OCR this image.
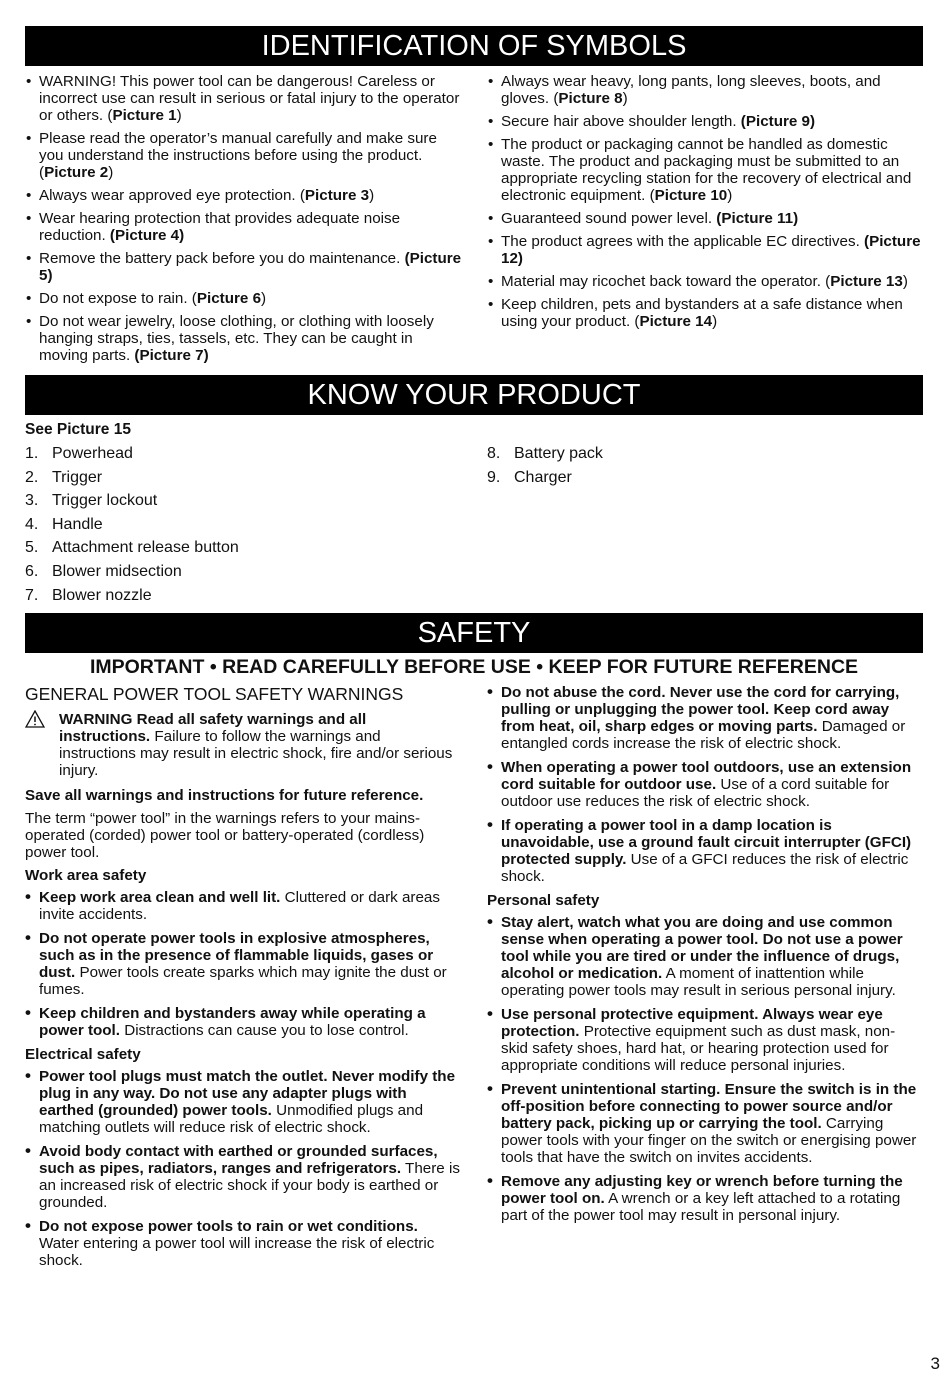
IDENTIFICATION OF SYMBOLS
• WARNING! This power tool can be dangerous! Careless or incorrect use can result in serious or fatal injury to the operator or others. (Picture 1)
• Please read the operator’s manual carefully and make sure you understand the instructions before using the product. (Picture 2)
• Always wear approved eye protection. (Picture 3)
• Wear hearing protection that provides adequate noise reduction. (Picture 4)
• Remove the battery pack before you do maintenance. (Picture 5)
• Do not expose to rain. (Picture 6)
• Do not wear jewelry, loose clothing, or clothing with loosely hanging straps, ties, tassels, etc. They can be caught in moving parts. (Picture 7)
• Always wear heavy, long pants, long sleeves, boots, and gloves. (Picture 8)
• Secure hair above shoulder length. (Picture 9)
• The product or packaging cannot be handled as domestic waste. The product and packaging must be submitted to an appropriate recycling station for the recovery of electrical and electronic equipment. (Picture 10)
• Guaranteed sound power level. (Picture 11)
• The product agrees with the applicable EC directives. (Picture 12)
• Material may ricochet back toward the operator. (Picture 13)
• Keep children, pets and bystanders at a safe distance when using your product. (Picture 14)
KNOW YOUR PRODUCT
See Picture 15
1. Powerhead
2. Trigger
3. Trigger lockout
4. Handle
5. Attachment release button
6. Blower midsection
7. Blower nozzle
8. Battery pack
9. Charger
SAFETY
IMPORTANT • READ CAREFULLY BEFORE USE • KEEP FOR FUTURE REFERENCE
GENERAL POWER TOOL SAFETY WARNINGS
WARNING Read all safety warnings and all instructions. Failure to follow the warnings and instructions may result in electric shock, fire and/or serious injury.
Save all warnings and instructions for future reference.
The term “power tool” in the warnings refers to your mains-operated (corded) power tool or battery-operated (cordless) power tool.
Work area safety
• Keep work area clean and well lit. Cluttered or dark areas invite accidents.
• Do not operate power tools in explosive atmospheres, such as in the presence of flammable liquids, gases or dust. Power tools create sparks which may ignite the dust or fumes.
• Keep children and bystanders away while operating a power tool. Distractions can cause you to lose control.
Electrical safety
• Power tool plugs must match the outlet. Never modify the plug in any way. Do not use any adapter plugs with earthed (grounded) power tools. Unmodified plugs and matching outlets will reduce risk of electric shock.
• Avoid body contact with earthed or grounded surfaces, such as pipes, radiators, ranges and refrigerators. There is an increased risk of electric shock if your body is earthed or grounded.
• Do not expose power tools to rain or wet conditions. Water entering a power tool will increase the risk of electric shock.
• Do not abuse the cord. Never use the cord for carrying, pulling or unplugging the power tool. Keep cord away from heat, oil, sharp edges or moving parts. Damaged or entangled cords increase the risk of electric shock.
• When operating a power tool outdoors, use an extension cord suitable for outdoor use. Use of a cord suitable for outdoor use reduces the risk of electric shock.
• If operating a power tool in a damp location is unavoidable, use a ground fault circuit interrupter (GFCI) protected supply. Use of a GFCI reduces the risk of electric shock.
Personal safety
• Stay alert, watch what you are doing and use common sense when operating a power tool. Do not use a power tool while you are tired or under the influence of drugs, alcohol or medication. A moment of inattention while operating power tools may result in serious personal injury.
• Use personal protective equipment. Always wear eye protection. Protective equipment such as dust mask, non-skid safety shoes, hard hat, or hearing protection used for appropriate conditions will reduce personal injuries.
• Prevent unintentional starting. Ensure the switch is in the off-position before connecting to power source and/or battery pack, picking up or carrying the tool. Carrying power tools with your finger on the switch or energising power tools that have the switch on invites accidents.
• Remove any adjusting key or wrench before turning the power tool on. A wrench or a key left attached to a rotating part of the power tool may result in personal injury.
3
